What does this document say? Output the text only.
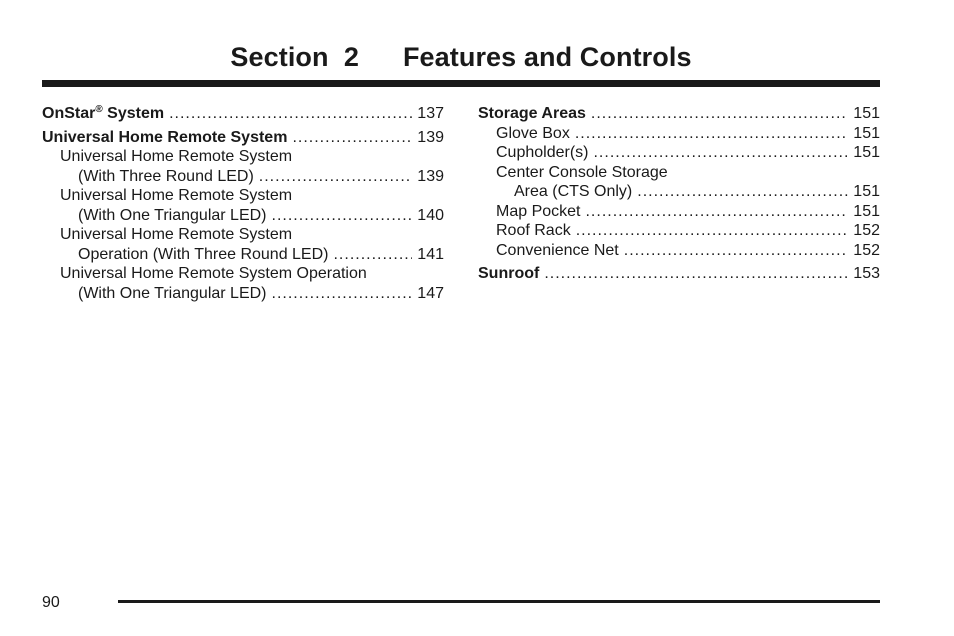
Section  2 Features and Controls
OnStar® System .....	137
Universal Home Remote System .....	139
Universal Home Remote System
(With Three Round LED) .....	139
Universal Home Remote System
(With One Triangular LED) .....	140
Universal Home Remote System
Operation (With Three Round LED) .....	141
Universal Home Remote System Operation
(With One Triangular LED) .....	147
Storage Areas .....	151
Glove Box .....	151
Cupholder(s) .....	151
Center Console Storage
Area (CTS Only) .....	151
Map Pocket .....	151
Roof Rack .....	152
Convenience Net .....	152
Sunroof .....	153
90
